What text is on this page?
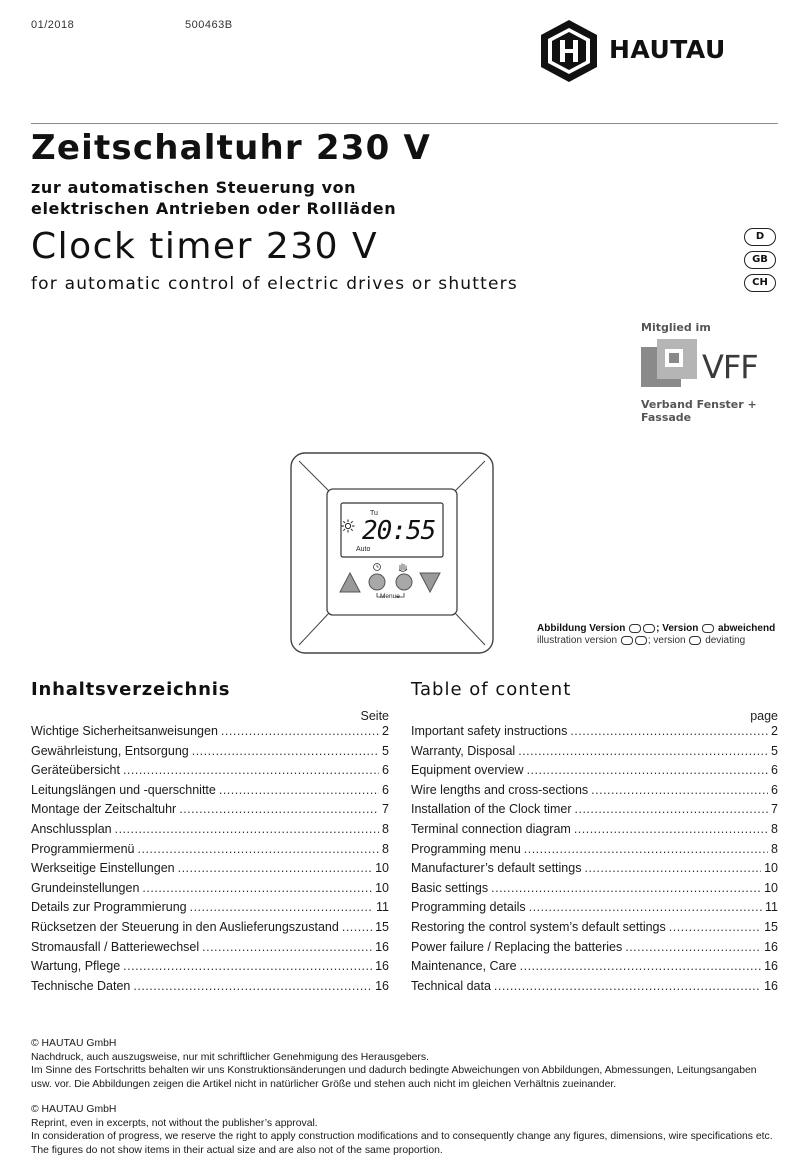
01/2018	500463B
HAUTAU
Zeitschaltuhr 230 V
zur automatischen Steuerung von
elektrischen Antrieben oder Rollläden
Clock timer 230 V
for automatic control of electric drives or shutters
D
GB
CH
Mitglied im
VFF
Verband Fenster + Fassade
Tu
20:55
Auto
Menue
Abbildung Version	; Version abweichend
illustration version	; version deviating
Inhaltsverzeichnis	Table of content
Seite	page
Wichtige Sicherheitsanweisungen .....	2
Gewährleistung, Entsorgung .....	5
Geräteübersicht .....	6
Leitungslängen und -querschnitte .....	6
Montage der Zeitschaltuhr .....	7
Anschlussplan .....	8
Programmiermenü .....	8
Werkseitige Einstellungen .....	10
Grundeinstellungen .....	10
Details zur Programmierung .....	11
Rücksetzen der Steuerung in den Auslieferungszustand .....	15
Stromausfall / Batteriewechsel .....	16
Wartung, Pflege .....	16
Technische Daten .....	16
Important safety instructions .....	2
Warranty, Disposal .....	5
Equipment overview .....	6
Wire lengths and cross-sections .....	6
Installation of the Clock timer .....	7
Terminal connection diagram .....	8
Programming menu .....	8
Manufacturer’s default settings .....	10
Basic settings .....	10
Programming details .....	11
Restoring the control system’s default settings .....	15
Power failure / Replacing the batteries .....	16
Maintenance, Care .....	16
Technical data .....	16
© HAUTAU GmbH
Nachdruck, auch auszugsweise, nur mit schriftlicher Genehmigung des Herausgebers.
Im Sinne des Fortschritts behalten wir uns Konstruktionsänderungen und dadurch bedingte Abweichungen von Abbildungen, Abmessungen, Leitungsangaben
usw. vor. Die Abbildungen zeigen die Artikel nicht in natürlicher Größe und stehen auch nicht im gleichen Verhältnis zueinander.
© HAUTAU GmbH
Reprint, even in excerpts, not without the publisher’s approval.
In consideration of progress, we reserve the right to apply construction modifications and to consequently change any figures, dimensions, wire specifications etc.
The figures do not show items in their actual size and are also not of the same proportion.
